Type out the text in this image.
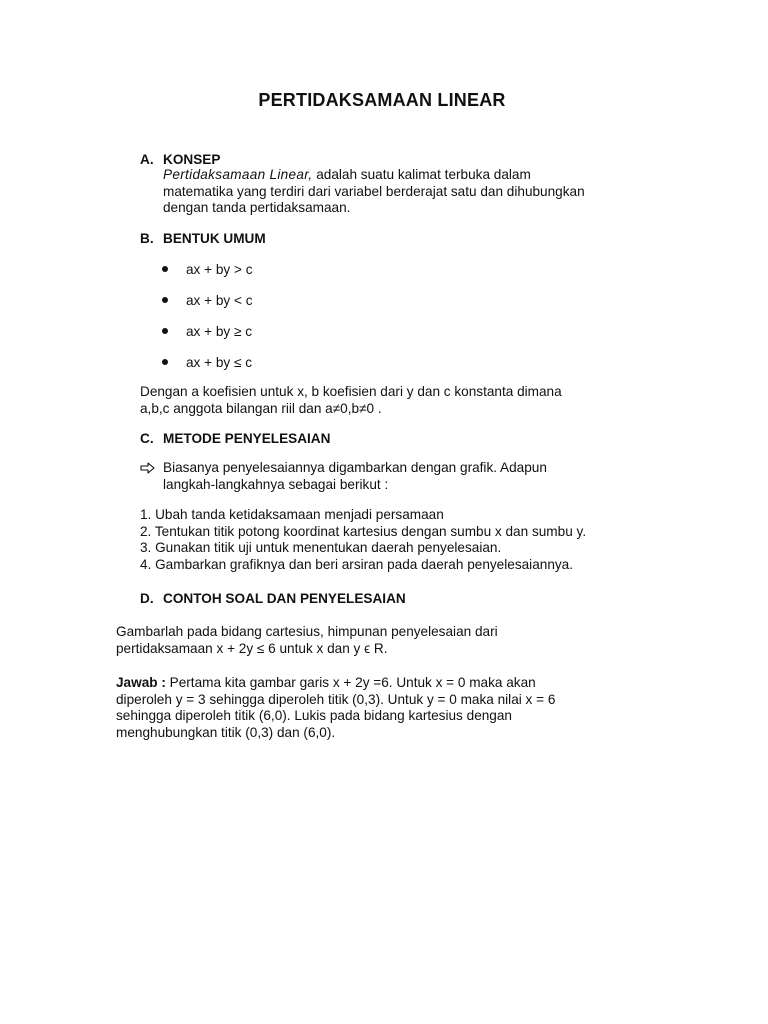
PERTIDAKSAMAAN LINEAR
A. KONSEP

Pertidaksamaan Linear, adalah suatu kalimat terbuka dalam

matematika yang terdiri dari variabel berderajat satu dan dihubungkan

dengan tanda pertidaksamaan.

B. BENTUK UMUM
ax + by > c
ax + by < c
ax + by ≥ c
ax + by ≤ c
Dengan a koefisien untuk x, b koefisien dari y dan c konstanta dimana
a,b,c anggota bilangan riil dan a≠0,b≠0 .
C. METODE PENYELESAIAN
Biasanya penyelesaiannya digambarkan dengan grafik. Adapun
langkah-langkahnya sebagai berikut :
1. Ubah tanda ketidaksamaan menjadi persamaan
2. Tentukan titik potong koordinat kartesius dengan sumbu x dan sumbu y.
3. Gunakan titik uji untuk menentukan daerah penyelesaian.
4. Gambarkan grafiknya dan beri arsiran pada daerah penyelesaiannya.
D. CONTOH SOAL DAN PENYELESAIAN
Gambarlah pada bidang cartesius, himpunan penyelesaian dari
pertidaksamaan x + 2y ≤ 6 untuk x dan y ϵ R.
Jawab : Pertama kita gambar garis x + 2y =6. Untuk x = 0 maka akan
diperoleh y = 3 sehingga diperoleh titik (0,3). Untuk y = 0 maka nilai x = 6
sehingga diperoleh titik (6,0). Lukis pada bidang kartesius dengan
menghubungkan titik (0,3) dan (6,0).
